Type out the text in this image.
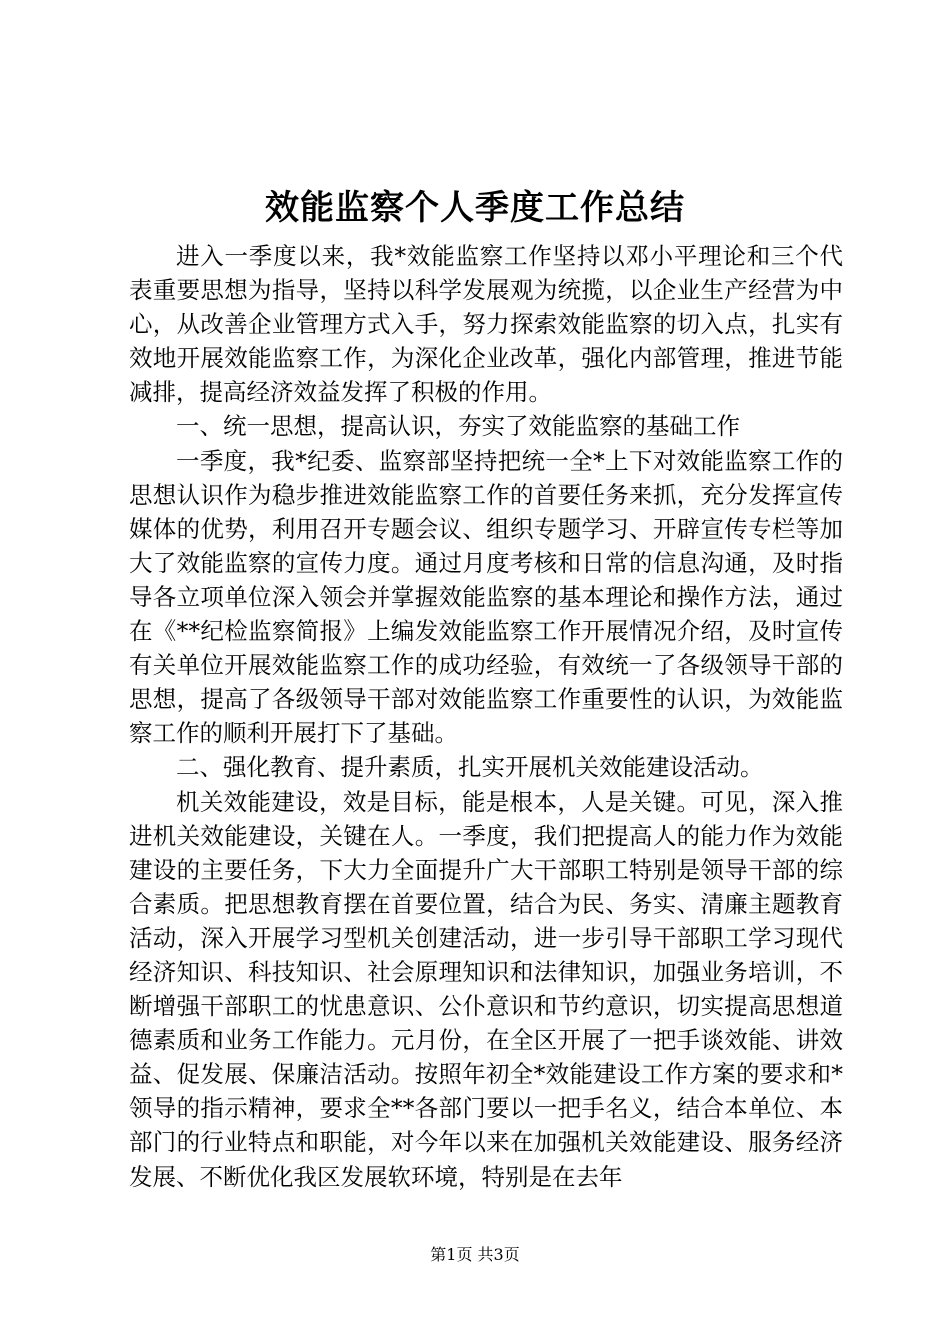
效能监察个人季度工作总结

进入一季度以来，我*效能监察工作坚持以邓小平理论和三个代表重要思想为指导，坚持以科学发展观为统揽，以企业生产经营为中心，从改善企业管理方式入手，努力探索效能监察的切入点，扎实有效地开展效能监察工作，为深化企业改革，强化内部管理，推进节能减排，提高经济效益发挥了积极的作用。

一、统一思想，提高认识，夯实了效能监察的基础工作

一季度，我*纪委、监察部坚持把统一全*上下对效能监察工作的思想认识作为稳步推进效能监察工作的首要任务来抓，充分发挥宣传媒体的优势，利用召开专题会议、组织专题学习、开辟宣传专栏等加大了效能监察的宣传力度。通过月度考核和日常的信息沟通，及时指导各立项单位深入领会并掌握效能监察的基本理论和操作方法，通过在《**纪检监察简报》上编发效能监察工作开展情况介绍，及时宣传有关单位开展效能监察工作的成功经验，有效统一了各级领导干部的思想，提高了各级领导干部对效能监察工作重要性的认识，为效能监察工作的顺利开展打下了基础。

二、强化教育、提升素质，扎实开展机关效能建设活动。

机关效能建设，效是目标，能是根本，人是关键。可见，深入推进机关效能建设，关键在人。一季度，我们把提高人的能力作为效能建设的主要任务，下大力全面提升广大干部职工特别是领导干部的综合素质。把思想教育摆在首要位置，结合为民、务实、清廉主题教育活动，深入开展学习型机关创建活动，进一步引导干部职工学习现代经济知识、科技知识、社会原理知识和法律知识，加强业务培训，不断增强干部职工的忧患意识、公仆意识和节约意识，切实提高思想道德素质和业务工作能力。元月份，在全区开展了一把手谈效能、讲效益、促发展、保廉洁活动。按照年初全*效能建设工作方案的要求和*领导的指示精神，要求全**各部门要以一把手名义，结合本单位、本部门的行业特点和职能，对今年以来在加强机关效能建设、服务经济发展、不断优化我区发展软环境，特别是在去年

第1页 共3页
